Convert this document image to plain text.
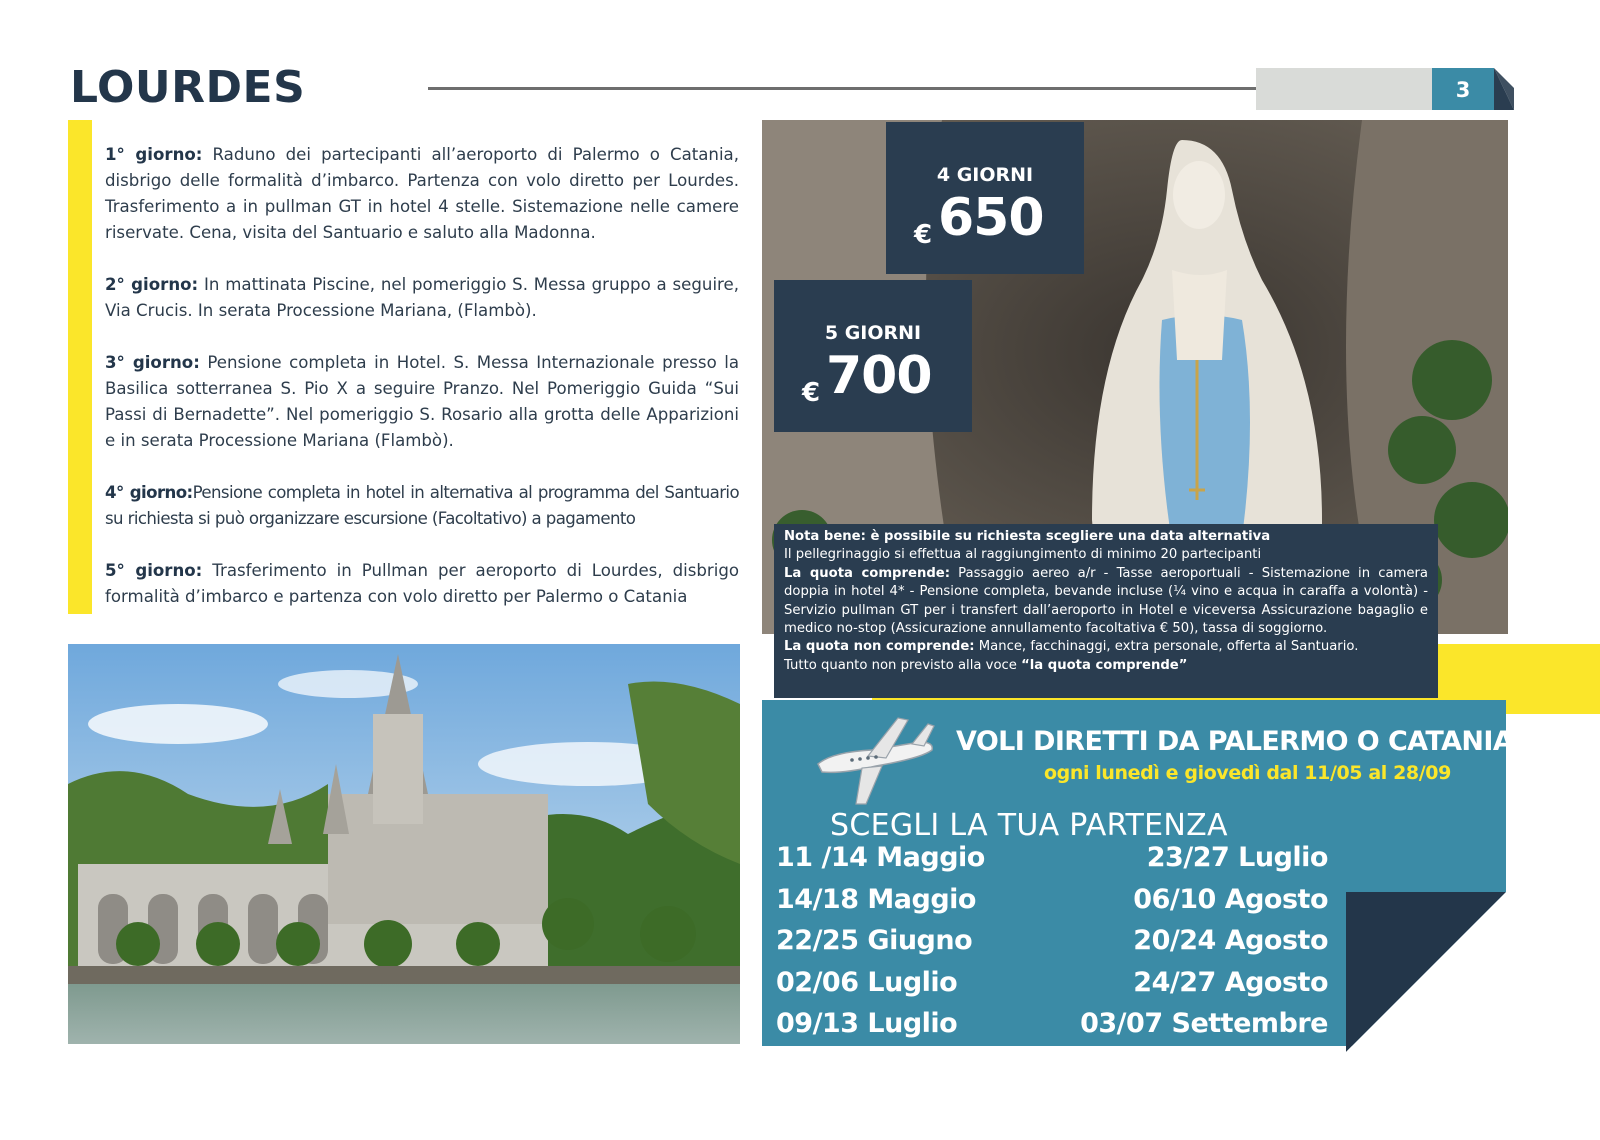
LOURDES	3

1° giorno: Raduno dei partecipanti all’aeroporto di Palermo o Catania, disbrigo delle formalità d’imbarco. Partenza con volo diretto per Lourdes. Trasferimento a in pullman GT in hotel 4 stelle. Sistemazione nelle camere riservate. Cena, visita del Santuario e saluto alla Madonna.

2° giorno: In mattinata Piscine, nel pomeriggio S. Messa gruppo a seguire, Via Crucis. In serata Processione Mariana, (Flambò).

3° giorno: Pensione completa in Hotel. S. Messa Internazionale presso la Basilica sotterranea S. Pio X a seguire Pranzo. Nel Pomeriggio Guida “Sui Passi di Bernadette”. Nel pomeriggio S. Rosario alla grotta delle Apparizioni e in serata Processione Mariana (Flambò).

4° giorno:Pensione completa in hotel in alternativa al programma del Santuario su richiesta si può organizzare escursione (Facoltativo) a pagamento

5° giorno: Trasferimento in Pullman per aeroporto di Lourdes, disbrigo formalità d’imbarco e partenza con volo diretto per Palermo o Catania

4 GIORNI
€ 650
5 GIORNI
€ 700
Nota bene: è possibile su richiesta scegliere una data alternativa
Il pellegrinaggio si effettua al raggiungimento di minimo 20 partecipanti
La quota comprende: Passaggio aereo a/r - Tasse aeroportuali - Sistemazione in camera doppia in hotel 4* - Pensione completa, bevande incluse (¼ vino e acqua in caraffa a volontà) - Servizio pullman GT per i transfert dall’aeroporto in Hotel e viceversa Assicurazione bagaglio e medico no-stop (Assicurazione annullamento facoltativa € 50), tassa di soggiorno.
La quota non comprende: Mance, facchinaggi, extra personale, offerta al Santuario.
Tutto quanto non previsto alla voce “la quota comprende”
VOLI DIRETTI DA PALERMO O CATANIA
ogni lunedì e giovedì dal 11/05 al 28/09
SCEGLI LA TUA PARTENZA
11 /14 Maggio
14/18 Maggio
22/25 Giugno
02/06 Luglio
09/13 Luglio
23/27 Luglio
06/10 Agosto
20/24 Agosto
24/27 Agosto
03/07 Settembre
